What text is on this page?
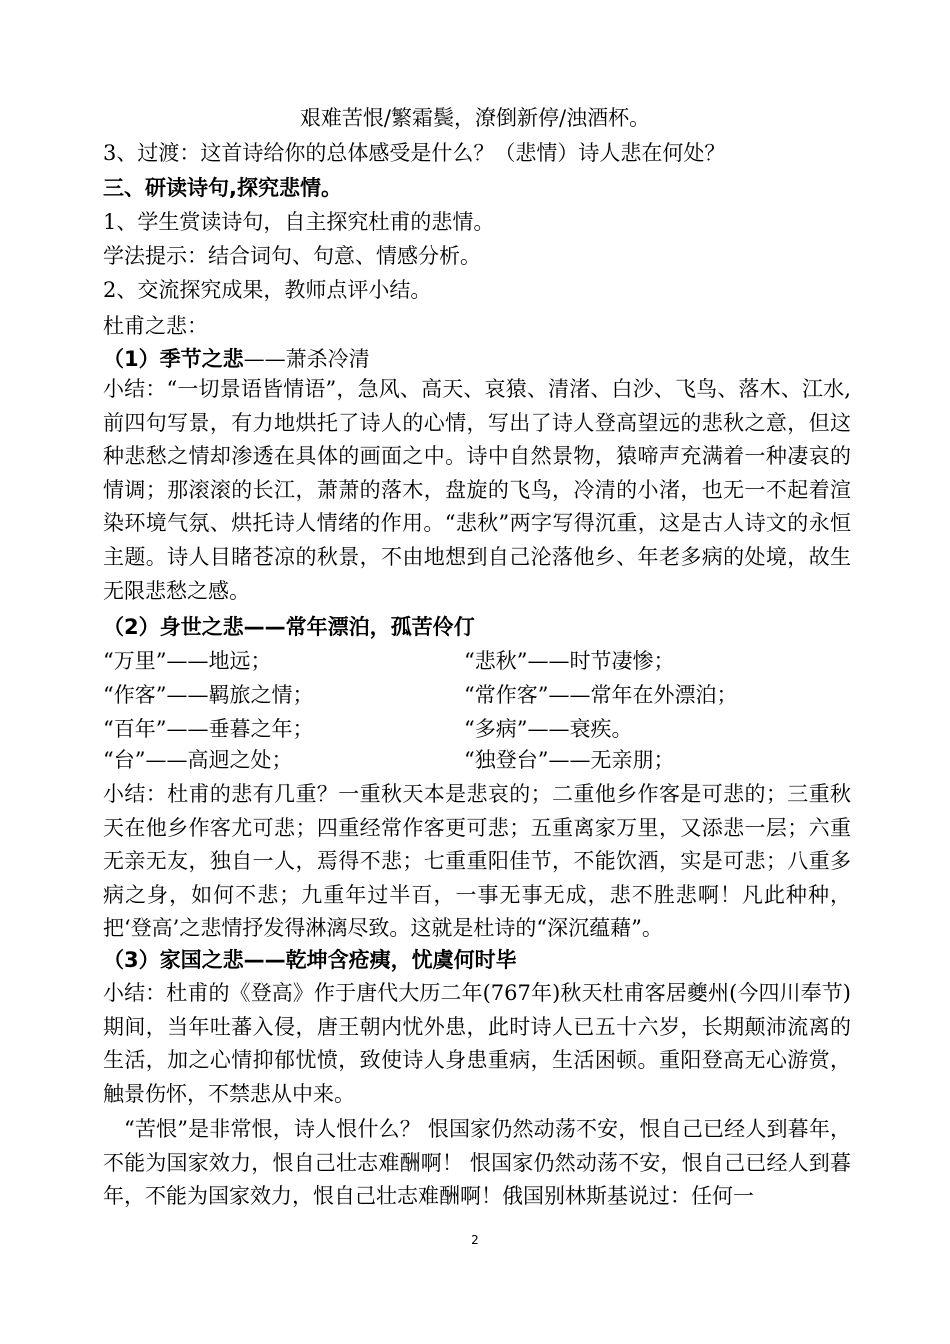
艰难苦恨/繁霜鬓，潦倒新停/浊酒杯。
3、过渡：这首诗给你的总体感受是什么？（悲情）诗人悲在何处？
三、研读诗句,探究悲情。
1、学生赏读诗句，自主探究杜甫的悲情。
学法提示：结合词句、句意、情感分析。
2、交流探究成果，教师点评小结。
杜甫之悲：
（1）季节之悲——萧杀冷清

小结：“一切景语皆情语”，急风、高天、哀猿、清渚、白沙、飞鸟、落木、江水,前四句写景，有力地烘托了诗人的心情，写出了诗人登高望远的悲秋之意，但这种悲愁之情却渗透在具体的画面之中。诗中自然景物，猿啼声充满着一种凄哀的情调；那滚滚的长江，萧萧的落木，盘旋的飞鸟，冷清的小渚，也无一不起着渲染环境气氛、烘托诗人情绪的作用。“悲秋”两字写得沉重，这是古人诗文的永恒主题。诗人目睹苍凉的秋景，不由地想到自己沦落他乡、年老多病的处境，故生无限悲愁之感。

（2）身世之悲——常年漂泊，孤苦伶仃
“万里”——地远；	“悲秋”——时节凄惨；
“作客”——羁旅之情；	“常作客”——常年在外漂泊；
“百年”——垂暮之年；	“多病”——衰疾。
“台”——高迥之处；	“独登台”——无亲朋；

小结：杜甫的悲有几重？一重秋天本是悲哀的；二重他乡作客是可悲的；三重秋天在他乡作客尤可悲；四重经常作客更可悲；五重离家万里，又添悲一层；六重无亲无友，独自一人，焉得不悲；七重重阳佳节，不能饮酒，实是可悲；八重多病之身，如何不悲；九重年过半百，一事无事无成，悲不胜悲啊！凡此种种，把‘登高’之悲情抒发得淋漓尽致。这就是杜诗的“深沉蕴藉”。

（3）家国之悲——乾坤含疮痍，忧虞何时毕

小结：杜甫的《登高》作于唐代大历二年(767年)秋天杜甫客居夔州(今四川奉节)期间，当年吐蕃入侵，唐王朝内忧外患，此时诗人已五十六岁，长期颠沛流离的生活，加之心情抑郁忧愤，致使诗人身患重病，生活困顿。重阳登高无心游赏，触景伤怀，不禁悲从中来。

“苦恨”是非常恨，诗人恨什么？ 恨国家仍然动荡不安，恨自己已经人到暮年，不能为国家效力，恨自己壮志难酬啊！ 恨国家仍然动荡不安，恨自己已经人到暮年，不能为国家效力，恨自己壮志难酬啊！俄国别林斯基说过：任何一

2
